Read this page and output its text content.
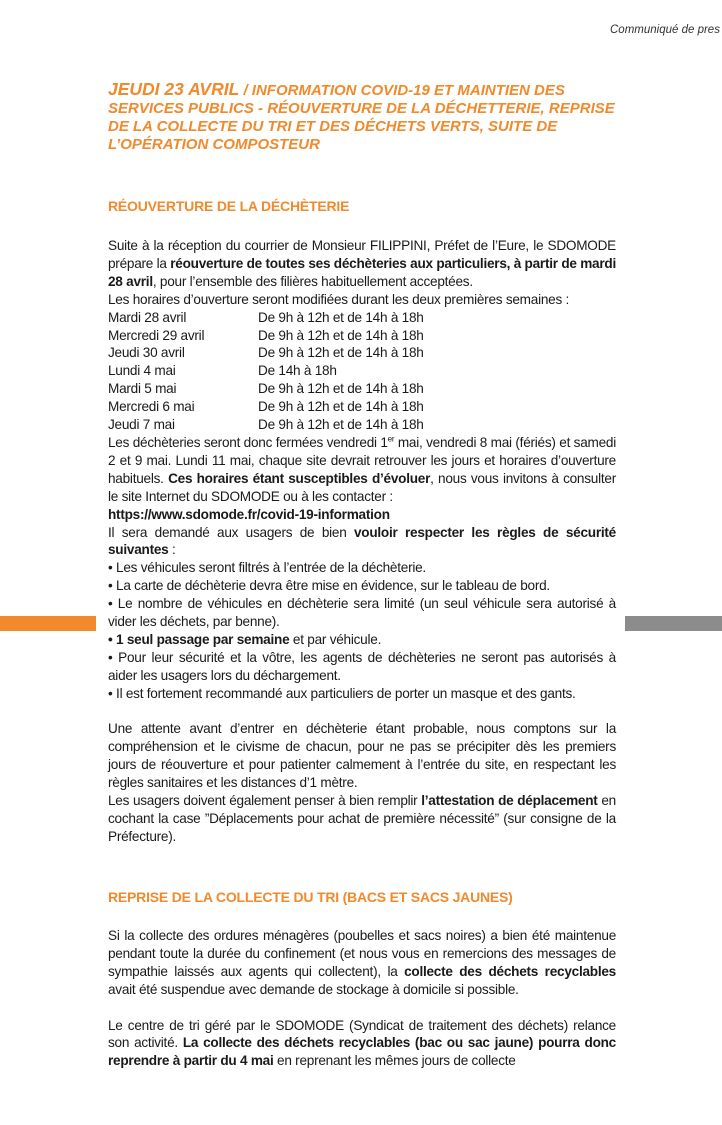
Communiqué de pres
JEUDI 23 AVRIL / INFORMATION COVID-19 ET MAINTIEN DES SERVICES PUBLICS - RÉOUVERTURE DE LA DÉCHETTERIE, REPRISE DE LA COLLECTE DU TRI ET DES DÉCHETS VERTS, SUITE DE L’OPÉRATION COMPOSTEUR
RÉOUVERTURE DE LA DÉCHÈTERIE

Suite à la réception du courrier de Monsieur FILIPPINI, Préfet de l’Eure, le SDOMODE prépare la réouverture de toutes ses déchèteries aux particuliers, à partir de mardi 28 avril, pour l’ensemble des filières habituellement acceptées.

Les horaires d’ouverture seront modifiées durant les deux premières semaines :

Mardi 28 avril	De 9h à 12h et de 14h à 18h
Mercredi 29 avril	De 9h à 12h et de 14h à 18h
Jeudi 30 avril	De 9h à 12h et de 14h à 18h
Lundi 4 mai	De 14h à 18h
Mardi 5 mai	De 9h à 12h et de 14h à 18h
Mercredi 6 mai	De 9h à 12h et de 14h à 18h
Jeudi 7 mai	De 9h à 12h et de 14h à 18h

Les déchèteries seront donc fermées vendredi 1er mai, vendredi 8 mai (fériés) et samedi 2 et 9 mai. Lundi 11 mai, chaque site devrait retrouver les jours et horaires d’ouverture habituels. Ces horaires étant susceptibles d’évoluer, nous vous invitons à consulter le site Internet du SDOMODE ou à les contacter :

https://www.sdomode.fr/covid-19-information

Il sera demandé aux usagers de bien vouloir respecter les règles de sécurité suivantes :

• Les véhicules seront filtrés à l’entrée de la déchèterie.

• La carte de déchèterie devra être mise en évidence, sur le tableau de bord.

• Le nombre de véhicules en déchèterie sera limité (un seul véhicule sera autorisé à vider les déchets, par benne).

• 1 seul passage par semaine et par véhicule.

• Pour leur sécurité et la vôtre, les agents de déchèteries ne seront pas autorisés à aider les usagers lors du déchargement.

• Il est fortement recommandé aux particuliers de porter un masque et des gants.

Une attente avant d’entrer en déchèterie étant probable, nous comptons sur la compréhension et le civisme de chacun, pour ne pas se précipiter dès les premiers jours de réouverture et pour patienter calmement à l’entrée du site, en respectant les règles sanitaires et les distances d’1 mètre.

Les usagers doivent également penser à bien remplir l’attestation de déplacement en cochant la case ”Déplacements pour achat de première nécessité” (sur consigne de la Préfecture).

REPRISE DE LA COLLECTE DU TRI (BACS ET SACS JAUNES)

Si la collecte des ordures ménagères (poubelles et sacs noires) a bien été maintenue pendant toute la durée du confinement (et nous vous en remercions des messages de sympathie laissés aux agents qui collectent), la collecte des déchets recyclables avait été suspendue avec demande de stockage à domicile si possible.

Le centre de tri géré par le SDOMODE (Syndicat de traitement des déchets) relance son activité. La collecte des déchets recyclables (bac ou sac jaune) pourra donc reprendre à partir du 4 mai en reprenant les mêmes jours de collecte
